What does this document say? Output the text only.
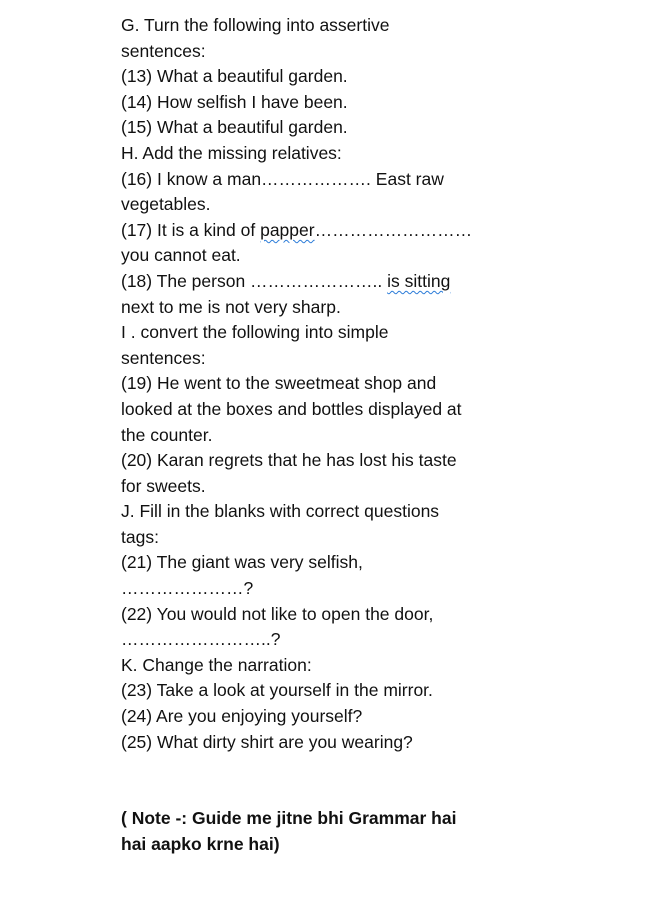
G. Turn the following into assertive
sentences:
(13) What a beautiful garden.
(14) How selfish I have been.
(15) What a beautiful garden.
H. Add the missing relatives:
(16) I know a man………………. East raw
vegetables.
(17) It is a kind of papper………………………
you cannot eat.
(18) The person ………………….. is sitting
next to me is not very sharp.
I . convert the following into simple
sentences:
(19) He went to the sweetmeat shop and
looked at the boxes and bottles displayed at
the counter.
(20) Karan regrets that he has lost his taste
for sweets.
J. Fill in the blanks with correct questions
tags:
(21) The giant was very selfish,
…………………?
(22) You would not like to open the door,
……………………..?
K. Change the narration:
(23) Take a look at yourself in the mirror.
(24) Are you enjoying yourself?
(25) What dirty shirt are you wearing?
( Note -: Guide me jitne bhi Grammar hai
hai aapko krne hai)
